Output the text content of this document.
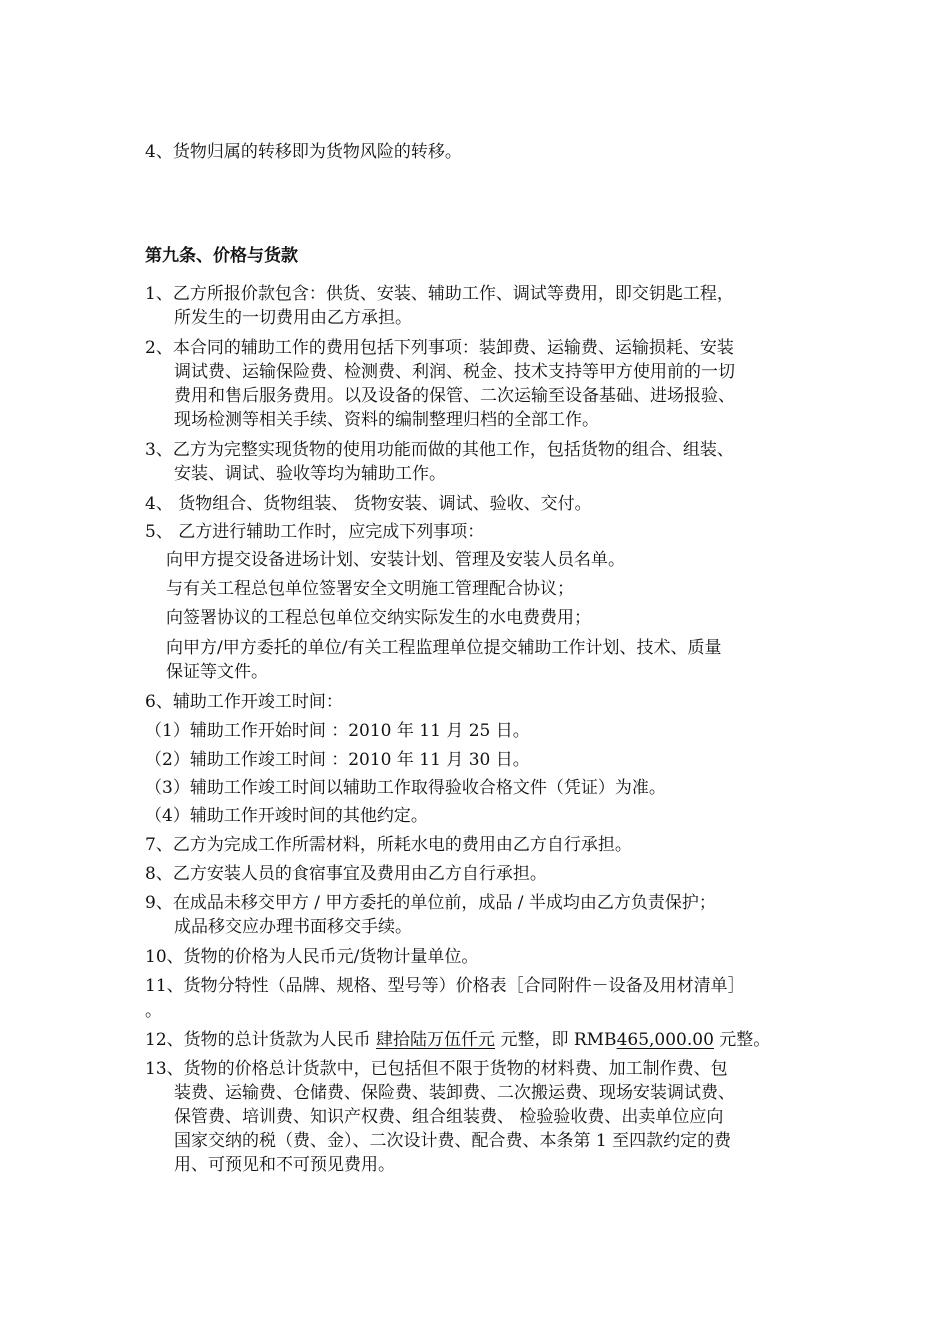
4、货物归属的转移即为货物风险的转移。
第九条、价格与货款
1、乙方所报价款包含：供货、安装、辅助工作、调试等费用，即交钥匙工程，
所发生的一切费用由乙方承担。
2、本合同的辅助工作的费用包括下列事项：装卸费、运输费、运输损耗、安装
调试费、运输保险费、检测费、利润、税金、技术支持等甲方使用前的一切
费用和售后服务费用。以及设备的保管、二次运输至设备基础、进场报验、
现场检测等相关手续、资料的编制整理归档的全部工作。
3、乙方为完整实现货物的使用功能而做的其他工作，包括货物的组合、组装、
安装、调试、验收等均为辅助工作。
4、 货物组合、货物组装、 货物安装、调试、验收、交付。
5、 乙方进行辅助工作时，应完成下列事项：
向甲方提交设备进场计划、安装计划、管理及安装人员名单。
与有关工程总包单位签署安全文明施工管理配合协议；
向签署协议的工程总包单位交纳实际发生的水电费费用；
向甲方/甲方委托的单位/有关工程监理单位提交辅助工作计划、技术、质量
保证等文件。
6、辅助工作开竣工时间：
（1）辅助工作开始时间 ：2010 年 11 月 25 日。
（2）辅助工作竣工时间 ：2010 年 11 月 30 日。
（3）辅助工作竣工时间以辅助工作取得验收合格文件（凭证）为准。
（4）辅助工作开竣时间的其他约定。
7、乙方为完成工作所需材料，所耗水电的费用由乙方自行承担。
8、乙方安装人员的食宿事宜及费用由乙方自行承担。
9、在成品未移交甲方 / 甲方委托的单位前，成品 / 半成均由乙方负责保护；
成品移交应办理书面移交手续。
10、货物的价格为人民币元/货物计量单位。
11、货物分特性（品牌、规格、型号等）价格表［合同附件－设备及用材清单］
。
12、货物的总计货款为人民币 肆拾陆万伍仟元 元整，即 RMB465,000.00 元整。
13、货物的价格总计货款中，已包括但不限于货物的材料费、加工制作费、包
装费、运输费、仓储费、保险费、装卸费、二次搬运费、现场安装调试费、
保管费、培训费、知识产权费、组合组装费、 检验验收费、出卖单位应向
国家交纳的税（费、金）、二次设计费、配合费、本条第 1 至四款约定的费
用、可预见和不可预见费用。
